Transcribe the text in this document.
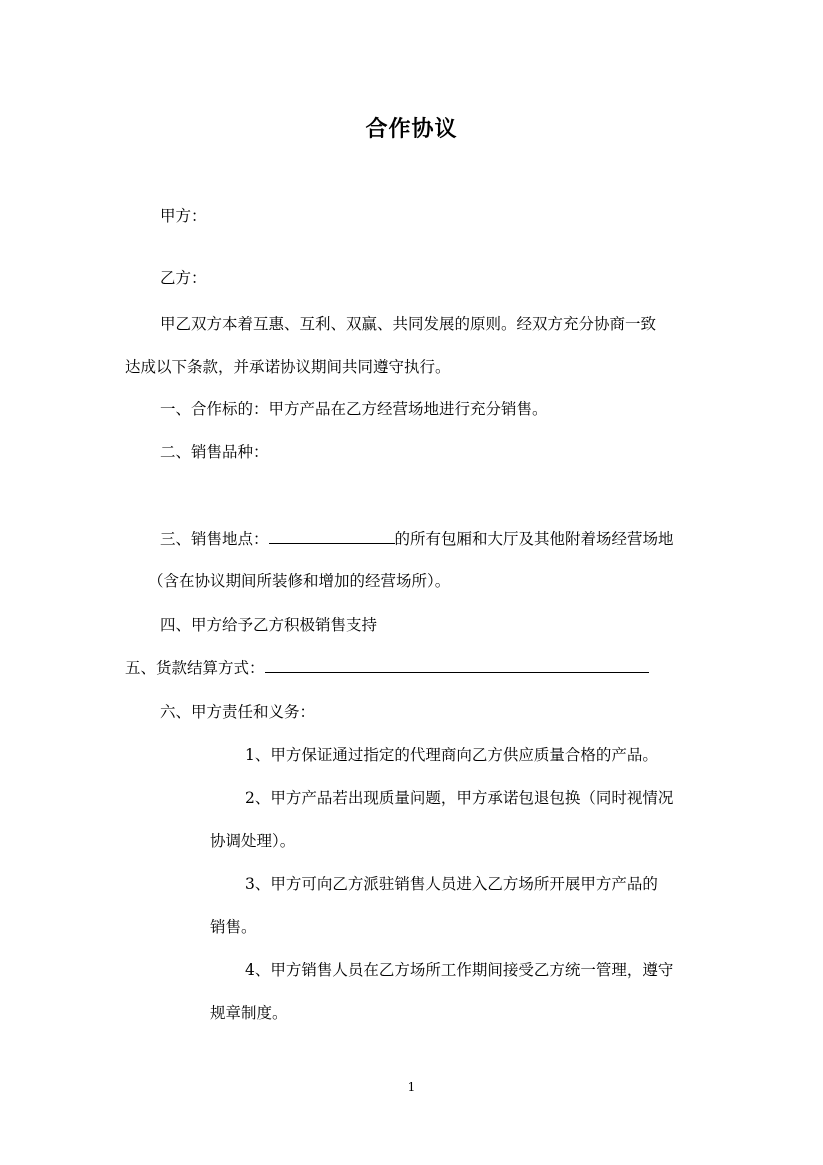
合作协议
甲方：
乙方：
甲乙双方本着互惠、互利、双赢、共同发展的原则。经双方充分协商一致
达成以下条款，并承诺协议期间共同遵守执行。
一、合作标的：甲方产品在乙方经营场地进行充分销售。
二、销售品种：
三、销售地点：	的所有包厢和大厅及其他附着场经营场地
（含在协议期间所装修和增加的经营场所）。
四、甲方给予乙方积极销售支持
五、货款结算方式：
六、甲方责任和义务：
1、甲方保证通过指定的代理商向乙方供应质量合格的产品。
2、甲方产品若出现质量问题，甲方承诺包退包换（同时视情况
协调处理）。
3、甲方可向乙方派驻销售人员进入乙方场所开展甲方产品的
销售。
4、甲方销售人员在乙方场所工作期间接受乙方统一管理，遵守
规章制度。
1
